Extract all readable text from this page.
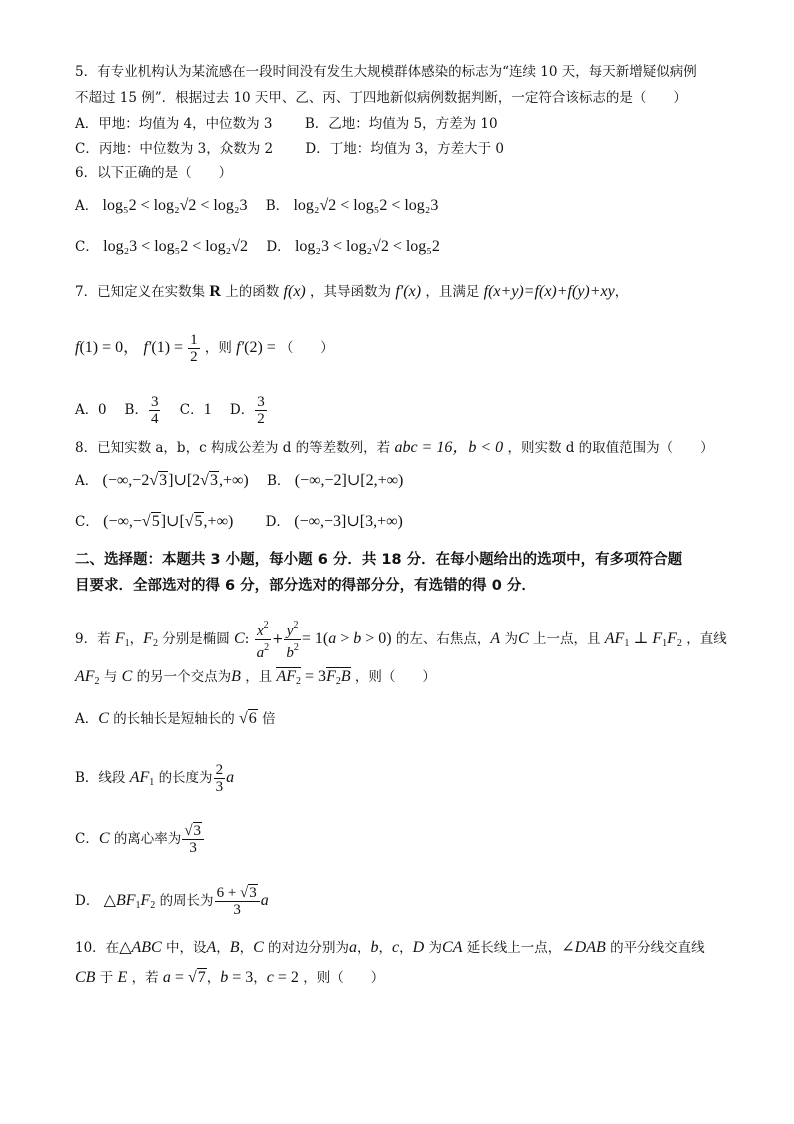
5．有专业机构认为某流感在一段时间没有发生大规模群体感染的标志为“连续 10 天，每天新增疑似病例
不超过 15 例”．根据过去 10 天甲、乙、丙、丁四地新似病例数据判断，一定符合该标志的是（　　）
A．甲地：均值为 4，中位数为 3 B．乙地：均值为 5，方差为 10
C．丙地：中位数为 3，众数为 2 D．丁地：均值为 3，方差大于 0
6．以下正确的是（　　）
A． log₅2 < log₂√2 < log₂3 B． log₂√2 < log₅2 < log₂3
C． log₂3 < log₅2 < log₂√2 D． log₂3 < log₂√2 < log₅2
7．已知定义在实数集 R 上的函数 f(x) ，其导函数为 f′(x) ，且满足 f(x+y)=f(x)+f(y)+xy，
f(1) = 0， $f'(1) = \frac{1}{2}$ ，则 f′(2) = （　　）
A．0 B． $\frac{3}{4}$ C．1 D． $\frac{3}{2}$
8．已知实数 a，b，c 构成公差为 d 的等差数列，若 abc = 16，b < 0 ，则实数 d 的取值范围为（　　）
A． (−∞,−2√3]∪[2√3,+∞) B． (−∞,−2]∪[2,+∞)
C． (−∞,−√5]∪[√5,+∞) D． (−∞,−3]∪[3,+∞)
二、选择题：本题共 3 小题，每小题 6 分．共 18 分．在每小题给出的选项中，有多项符合题
目要求．全部选对的得 6 分，部分选对的得部分分，有选错的得 0 分．
9．若 $F_1$，$F_2$ 分别是椭圆 C: $\frac{x^2}{a^2} + \frac{y^2}{b^2} = 1(a > b > 0)$ 的左、右焦点，A 为C 上一点，且 $AF_1$ ⊥ $F_1F_2$ ，直线
$AF_2$ 与 C 的另一个交点为B ，且 $AF_2 = 3F_2B$ ，则（　　）
A．C 的长轴长是短轴长的 √6 倍
B．线段 $AF_1$ 的长度为 $\frac{2}{3}$ a
C．C 的离心率为 $\frac{√3}{3}$
D． $\triangle BF_1F_2$ 的周长为 $\frac{6 + √3}{3}$ a
10．在△ABC 中，设A，B，C 的对边分别为a，b，c，D 为CA 延长线上一点，∠DAB 的平分线交直线
CB 于 E ，若 a = √7，b = 3，c = 2 ，则（　　）
